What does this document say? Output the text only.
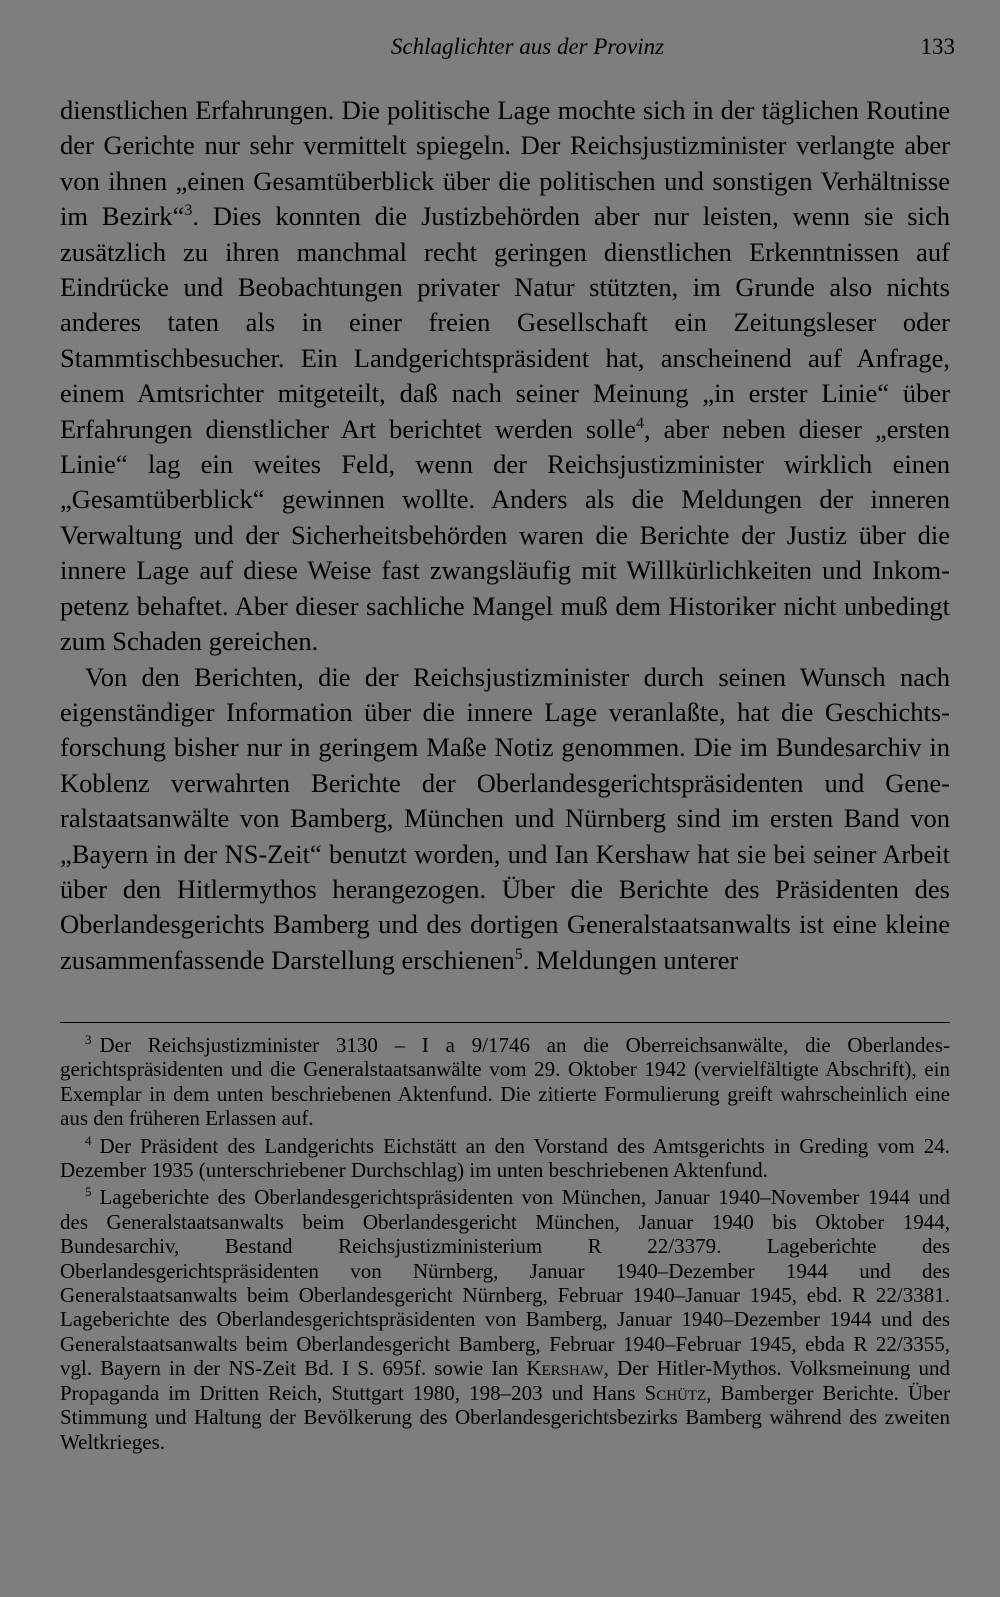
Schlaglichter aus der Provinz	133

dienstlichen Erfahrungen. Die politische Lage mochte sich in der täglichen Routine der Gerichte nur sehr vermittelt spiegeln. Der Reichsjustizminister verlangte aber von ihnen „einen Gesamtüberblick über die politischen und sonstigen Verhältnisse im Bezirk“$^3$. Dies konnten die Justizbehörden aber nur leisten, wenn sie sich zusätzlich zu ihren manchmal recht geringen dienstlichen Erkenntnissen auf Eindrücke und Beobachtungen privater Natur stützten, im Grunde also nichts anderes taten als in einer freien Gesellschaft ein Zeitungsleser oder Stammtischbesucher. Ein Landgerichtspräsident hat, anscheinend auf Anfrage, einem Amtsrichter mitgeteilt, daß nach seiner Meinung „in erster Linie“ über Erfahrungen dienstlicher Art berichtet werden solle$^4$, aber neben dieser „ersten Linie“ lag ein weites Feld, wenn der Reichsjustizminister wirklich einen „Gesamtüberblick“ gewinnen wollte. Anders als die Meldungen der inneren Verwaltung und der Sicherheitsbehörden waren die Berichte der Justiz über die innere Lage auf diese Weise fast zwangsläufig mit Willkürlichkeiten und Inkompetenz behaftet. Aber dieser sachliche Mangel muß dem Historiker nicht unbedingt zum Schaden gereichen.

Von den Berichten, die der Reichsjustizminister durch seinen Wunsch nach eigenständiger Information über die innere Lage veranlaßte, hat die Geschichtsforschung bisher nur in geringem Maße Notiz genommen. Die im Bundesarchiv in Koblenz verwahrten Berichte der Oberlandesgerichtspräsidenten und Generalstaatsanwälte von Bamberg, München und Nürnberg sind im ersten Band von „Bayern in der NS-Zeit“ benutzt worden, und Ian Kershaw hat sie bei seiner Arbeit über den Hitlermythos herangezogen. Über die Berichte des Präsidenten des Oberlandesgerichts Bamberg und des dortigen Generalstaatsanwalts ist eine kleine zusammenfassende Darstellung erschienen$^5$. Meldungen unterer

$^3$ Der Reichsjustizminister 3130 – I a 9/1746 an die Oberreichsanwälte, die Oberlandesgerichtspräsidenten und die Generalstaatsanwälte vom 29. Oktober 1942 (vervielfältigte Abschrift), ein Exemplar in dem unten beschriebenen Aktenfund. Die zitierte Formulierung greift wahrscheinlich eine aus den früheren Erlassen auf.

$^4$ Der Präsident des Landgerichts Eichstätt an den Vorstand des Amtsgerichts in Greding vom 24. Dezember 1935 (unterschriebener Durchschlag) im unten beschriebenen Aktenfund.

$^5$ Lageberichte des Oberlandesgerichtspräsidenten von München, Januar 1940–November 1944 und des Generalstaatsanwalts beim Oberlandesgericht München, Januar 1940 bis Oktober 1944, Bundesarchiv, Bestand Reichsjustizministerium R 22/3379. Lageberichte des Oberlandesgerichtspräsidenten von Nürnberg, Januar 1940–Dezember 1944 und des Generalstaatsanwalts beim Oberlandesgericht Nürnberg, Februar 1940–Januar 1945, ebd. R 22/3381. Lageberichte des Oberlandesgerichtspräsidenten von Bamberg, Januar 1940–Dezember 1944 und des Generalstaatsanwalts beim Oberlandesgericht Bamberg, Februar 1940–Februar 1945, ebda R 22/3355, vgl. Bayern in der NS-Zeit Bd. I S. 695f. sowie Ian Kershaw, Der Hitler-Mythos. Volksmeinung und Propaganda im Dritten Reich, Stuttgart 1980, 198–203 und Hans Schütz, Bamberger Berichte. Über Stimmung und Haltung der Bevölkerung des Oberlandesgerichtsbezirks Bamberg während des zweiten Weltkrieges.
